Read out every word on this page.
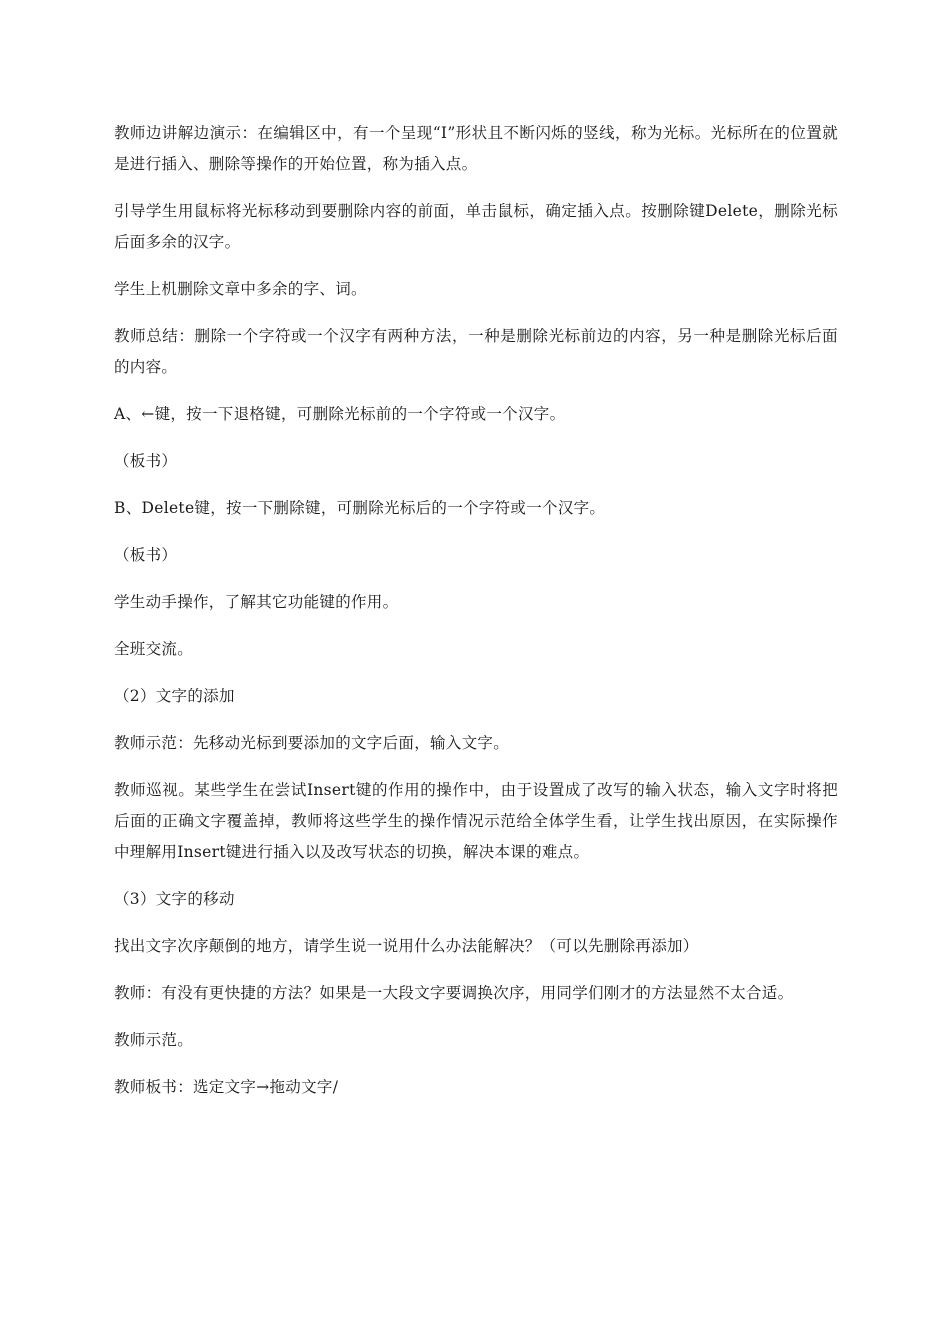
教师边讲解边演示：在编辑区中，有一个呈现“I”形状且不断闪烁的竖线，称为光标。光标所在的位置就是进行插入、删除等操作的开始位置，称为插入点。

引导学生用鼠标将光标移动到要删除内容的前面，单击鼠标，确定插入点。按删除键Delete，删除光标后面多余的汉字。

学生上机删除文章中多余的字、词。

教师总结：删除一个字符或一个汉字有两种方法，一种是删除光标前边的内容，另一种是删除光标后面的内容。

A、←键，按一下退格键，可删除光标前的一个字符或一个汉字。

（板书）

B、Delete键，按一下删除键，可删除光标后的一个字符或一个汉字。

（板书）

学生动手操作，了解其它功能键的作用。

全班交流。

（2）文字的添加

教师示范：先移动光标到要添加的文字后面，输入文字。

教师巡视。某些学生在尝试Insert键的作用的操作中，由于设置成了改写的输入状态，输入文字时将把后面的正确文字覆盖掉，教师将这些学生的操作情况示范给全体学生看，让学生找出原因，在实际操作中理解用Insert键进行插入以及改写状态的切换，解决本课的难点。

（3）文字的移动

找出文字次序颠倒的地方，请学生说一说用什么办法能解决？（可以先删除再添加）

教师：有没有更快捷的方法？如果是一大段文字要调换次序，用同学们刚才的方法显然不太合适。

教师示范。

教师板书：选定文字→拖动文字/
